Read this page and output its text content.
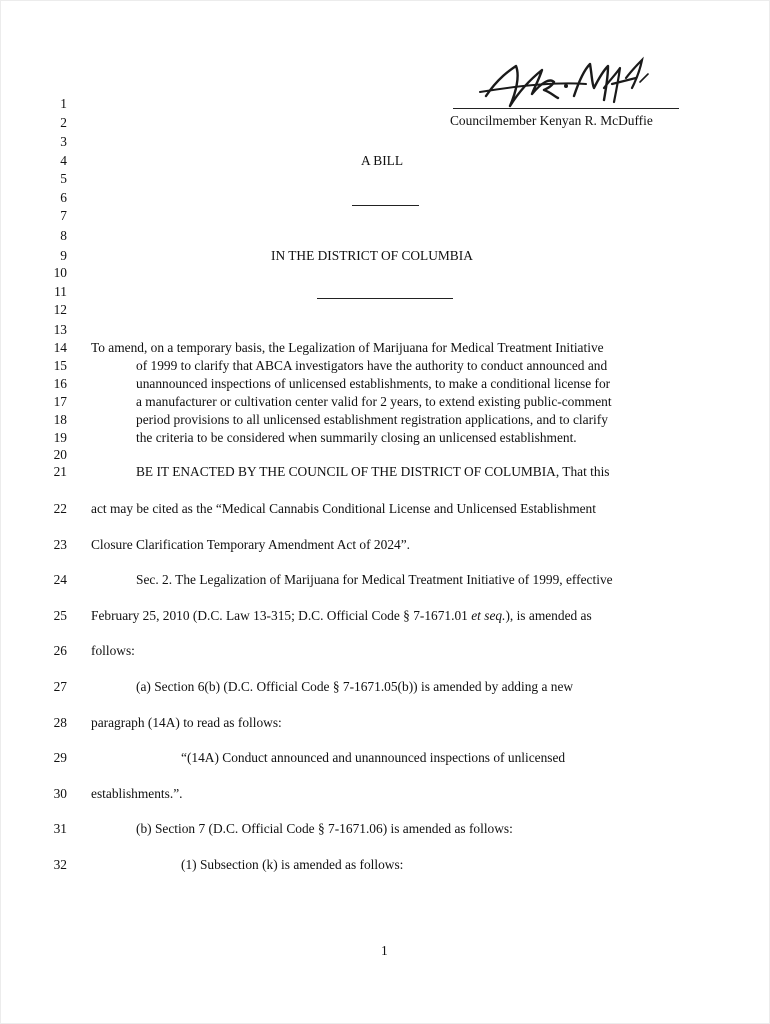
Councilmember Kenyan R. McDuffie
1
2
3
4
5
6
7
8
9
10
11
12
13
14
15
16
17
18
19
20
21
22
23
24
25
26
27
28
29
30
31
32
A BILL
IN THE DISTRICT OF COLUMBIA
To amend, on a temporary basis, the Legalization of Marijuana for Medical Treatment Initiative
of 1999 to clarify that ABCA investigators have the authority to conduct announced and
unannounced inspections of unlicensed establishments, to make a conditional license for
a manufacturer or cultivation center valid for 2 years, to extend existing public-comment
period provisions to all unlicensed establishment registration applications, and to clarify
the criteria to be considered when summarily closing an unlicensed establishment.
BE IT ENACTED BY THE COUNCIL OF THE DISTRICT OF COLUMBIA, That this
act may be cited as the “Medical Cannabis Conditional License and Unlicensed Establishment
Closure Clarification Temporary Amendment Act of 2024”.
Sec. 2. The Legalization of Marijuana for Medical Treatment Initiative of 1999, effective
February 25, 2010 (D.C. Law 13-315; D.C. Official Code § 7-1671.01 et seq.), is amended as
follows:
(a) Section 6(b) (D.C. Official Code § 7-1671.05(b)) is amended by adding a new
paragraph (14A) to read as follows:
“(14A) Conduct announced and unannounced inspections of unlicensed
establishments.”.
(b) Section 7 (D.C. Official Code § 7-1671.06) is amended as follows:
(1) Subsection (k) is amended as follows:
1
